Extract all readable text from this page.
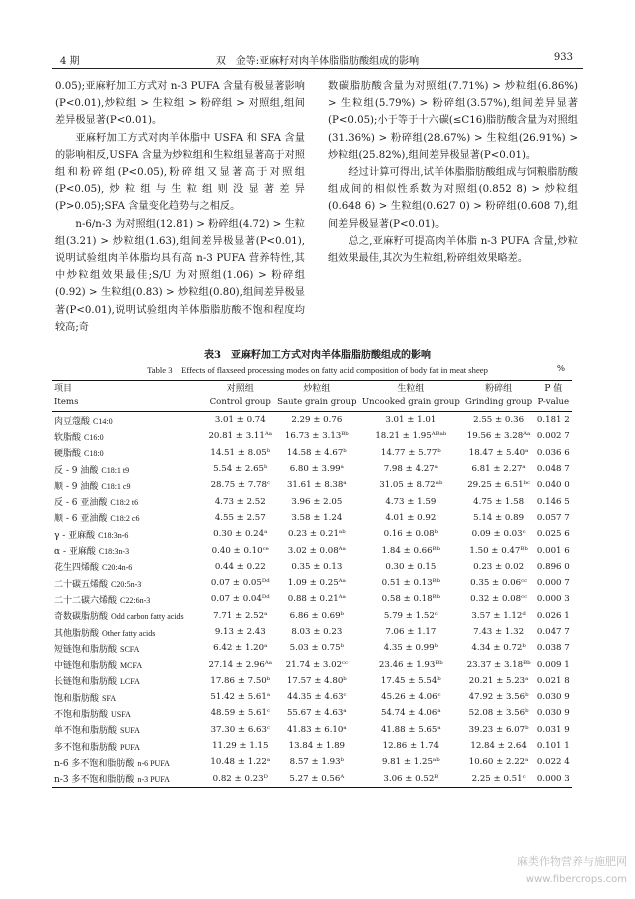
4 期	双　金等:亚麻籽对肉羊体脂脂肪酸组成的影响	933

0.05);亚麻籽加工方式对 n-3 PUFA 含量有极显著影响(P<0.01),炒粒组 > 生粒组 > 粉碎组 > 对照组,组间差异极显著(P<0.01)。

亚麻籽加工方式对肉羊体脂中 USFA 和 SFA 含量的影响相反,USFA 含量为炒粒组和生粒组显著高于对照组和粉碎组(P<0.05),粉碎组又显著高于对照组(P<0.05),炒粒组与生粒组则没显著差异(P>0.05);SFA 含量变化趋势与之相反。

n-6/n-3 为对照组(12.81) > 粉碎组(4.72) > 生粒组(3.21) > 炒粒组(1.63),组间差异极显著(P<0.01),说明试验组肉羊体脂均具有高 n-3 PUFA 营养特性,其中炒粒组效果最佳;S/U 为对照组(1.06) > 粉碎组(0.92) > 生粒组(0.83) > 炒粒组(0.80),组间差异极显著(P<0.01),说明试验组肉羊体脂脂肪酸不饱和程度均较高;奇

数碳脂肪酸含量为对照组(7.71%) > 炒粒组(6.86%) > 生粒组(5.79%) > 粉碎组(3.57%),组间差异显著(P<0.05);小于等于十六碳(≤C16)脂肪酸含量为对照组(31.36%) > 粉碎组(28.67%) > 生粒组(26.91%) > 炒粒组(25.82%),组间差异极显著(P<0.01)。

经过计算可得出,试羊体脂脂肪酸组成与饲粮脂肪酸组成间的相似性系数为对照组(0.852 8) > 炒粒组(0.648 6) > 生粒组(0.627 0) > 粉碎组(0.608 7),组间差异极显著(P<0.01)。

总之,亚麻籽可提高肉羊体脂 n-3 PUFA 含量,炒粒组效果最佳,其次为生粒组,粉碎组效果略差。

表3　亚麻籽加工方式对肉羊体脂脂肪酸组成的影响
Table 3　Effects of flaxseed processing modes on fatty acid composition of body fat in meat sheep	%
项目
Items	对照组
Control group	炒粒组
Saute grain group	生粒组
Uncooked grain group	粉碎组
Grinding group	P 值
P-value
肉豆蔻酸 C14:0	3.01 ± 0.74	2.29 ± 0.76	3.01 ± 1.01	2.55 ± 0.36	0.181 2
软脂酸 C16:0	20.81 ± 3.11ᴬᵃ	16.73 ± 3.13ᴮᵇ	18.21 ± 1.95ᴬᴮᵃᵇ	19.56 ± 3.28ᴬᵃ	0.002 7
硬脂酸 C18:0	14.51 ± 8.05ᵇ	14.58 ± 4.67ᵇ	14.77 ± 5.77ᵇ	18.47 ± 5.40ᵃ	0.036 6
反 - 9 油酸 C18:1 t9	5.54 ± 2.65ᵇ	6.80 ± 3.99ᵃ	7.98 ± 4.27ᵃ	6.81 ± 2.27ᵃ	0.048 7
顺 - 9 油酸 C18:1 c9	28.75 ± 7.78ᶜ	31.61 ± 8.38ᵃ	31.05 ± 8.72ᵃᵇ	29.25 ± 6.51ᵇᶜ	0.040 0
反 - 6 亚油酸 C18:2 t6	4.73 ± 2.52	3.96 ± 2.05	4.73 ± 1.59	4.75 ± 1.58	0.146 5
顺 - 6 亚油酸 C18:2 c6	4.55 ± 2.57	3.58 ± 1.24	4.01 ± 0.92	5.14 ± 0.89	0.057 7
γ - 亚麻酸 C18:3n-6	0.30 ± 0.24ᵃ	0.23 ± 0.21ᵃᵇ	0.16 ± 0.08ᵇ	0.09 ± 0.03ᶜ	0.025 6
α - 亚麻酸 C18:3n-3	0.40 ± 0.10ᶜᵉ	3.02 ± 0.08ᴬᵃ	1.84 ± 0.66ᴮᵇ	1.50 ± 0.47ᴮᵇ	0.001 6
花生四烯酸 C20:4n-6	0.44 ± 0.22	0.35 ± 0.13	0.30 ± 0.15	0.23 ± 0.02	0.896 0
二十碳五烯酸 C20:5n-3	0.07 ± 0.05ᴰᵈ	1.09 ± 0.25ᴬᵃ	0.51 ± 0.13ᴮᵇ	0.35 ± 0.06ᶜᶜ	0.000 7
二十二碳六烯酸 C22:6n-3	0.07 ± 0.04ᴰᵈ	0.88 ± 0.21ᴬᵃ	0.58 ± 0.18ᴮᵇ	0.32 ± 0.08ᶜᶜ	0.000 3
奇数碳脂肪酸 Odd carbon fatty acids	7.71 ± 2.52ᵃ	6.86 ± 0.69ᵇ	5.79 ± 1.52ᶜ	3.57 ± 1.12ᵈ	0.026 1
其他脂肪酸 Other fatty acids	9.13 ± 2.43	8.03 ± 0.23	7.06 ± 1.17	7.43 ± 1.32	0.047 7
短链饱和脂肪酸 SCFA	6.42 ± 1.20ᵃ	5.03 ± 0.75ᵇ	4.35 ± 0.99ᵇ	4.34 ± 0.72ᵇ	0.038 7
中链饱和脂肪酸 MCFA	27.14 ± 2.96ᴬᵃ	21.74 ± 3.02ᶜᶜ	23.46 ± 1.93ᴮᵇ	23.37 ± 3.18ᴮᵇ	0.009 1
长链饱和脂肪酸 LCFA	17.86 ± 7.50ᵇ	17.57 ± 4.80ᵇ	17.45 ± 5.54ᵇ	20.21 ± 5.23ᵃ	0.021 8
饱和脂肪酸 SFA	51.42 ± 5.61ᵃ	44.35 ± 4.63ᶜ	45.26 ± 4.06ᶜ	47.92 ± 3.56ᵇ	0.030 9
不饱和脂肪酸 USFA	48.59 ± 5.61ᶜ	55.67 ± 4.63ᵃ	54.74 ± 4.06ᵃ	52.08 ± 3.56ᵇ	0.030 9
单不饱和脂肪酸 SUFA	37.30 ± 6.63ᶜ	41.83 ± 6.10ᵃ	41.88 ± 5.65ᵃ	39.23 ± 6.07ᵇ	0.031 9
多不饱和脂肪酸 PUFA	11.29 ± 1.15	13.84 ± 1.89	12.86 ± 1.74	12.84 ± 2.64	0.101 1
n-6 多不饱和脂肪酸 n-6 PUFA	10.48 ± 1.22ᵃ	8.57 ± 1.93ᵇ	9.81 ± 1.25ᵃᵇ	10.60 ± 2.22ᵃ	0.022 4
n-3 多不饱和脂肪酸 n-3 PUFA	0.82 ± 0.23ᴰ	5.27 ± 0.56ᴬ	3.06 ± 0.52ᴮ	2.25 ± 0.51ᶜ	0.000 3
麻类作物营养与施肥网
www.fibercrops.com
